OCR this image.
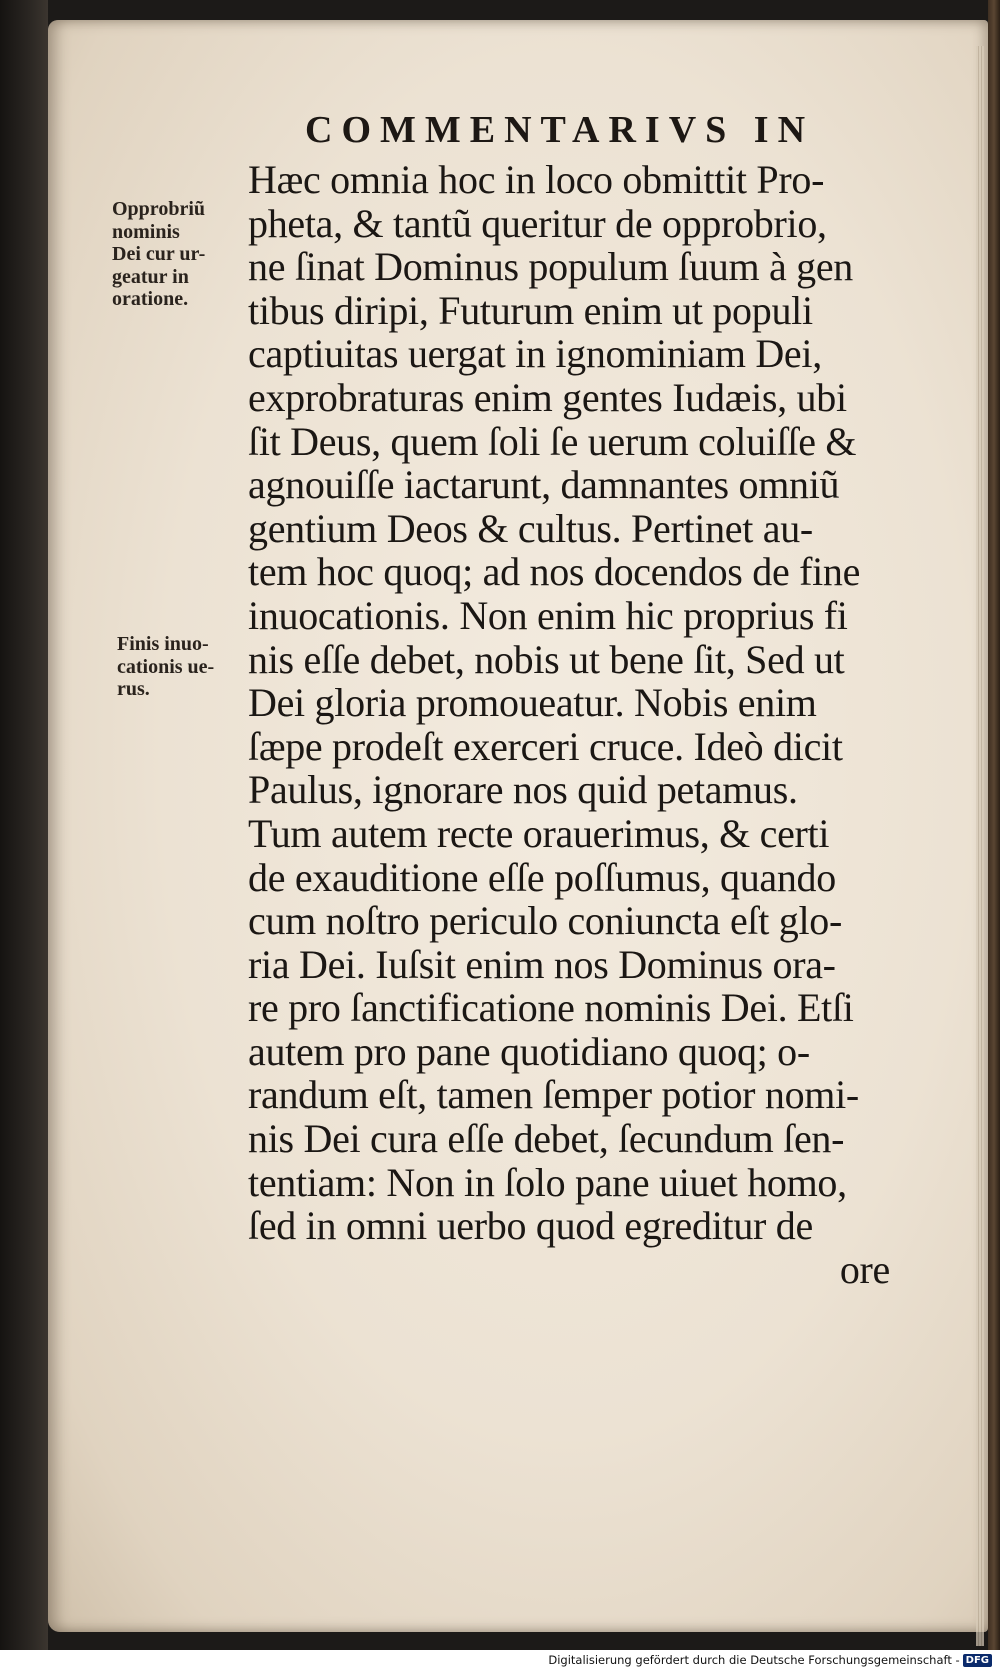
COMMENTARIVS IN
Opprobriũ
nominis
Dei cur ur-
geatur in
oratione.
Finis inuo-
cationis ue-
rus.
Hæc omnia hoc in loco obmittit Pro-
pheta, & tantũ queritur de opprobrio,
ne ſinat Dominus populum ſuum à gen
tibus diripi, Futurum enim ut populi
captiuitas uergat in ignominiam Dei,
exprobraturas enim gentes Iudæis, ubi
ſit Deus, quem ſoli ſe uerum coluiſſe &
agnouiſſe iactarunt, damnantes omniũ
gentium Deos & cultus. Pertinet au-
tem hoc quoq; ad nos docendos de fine
inuocationis. Non enim hic proprius fi
nis eſſe debet, nobis ut bene ſit, Sed ut
Dei gloria promoueatur. Nobis enim
ſæpe prodeſt exerceri cruce. Ideò dicit
Paulus, ignorare nos quid petamus.
Tum autem recte orauerimus, & certi
de exauditione eſſe poſſumus, quando
cum noſtro periculo coniuncta eſt glo-
ria Dei. Iuſsit enim nos Dominus ora-
re pro ſanctificatione nominis Dei. Etſi
autem pro pane quotidiano quoq; o-
randum eſt, tamen ſemper potior nomi-
nis Dei cura eſſe debet, ſecundum ſen-
tentiam: Non in ſolo pane uiuet homo,
ſed in omni uerbo quod egreditur de
ore
Digitalisierung gefördert durch die Deutsche Forschungsgemeinschaft - DFG
